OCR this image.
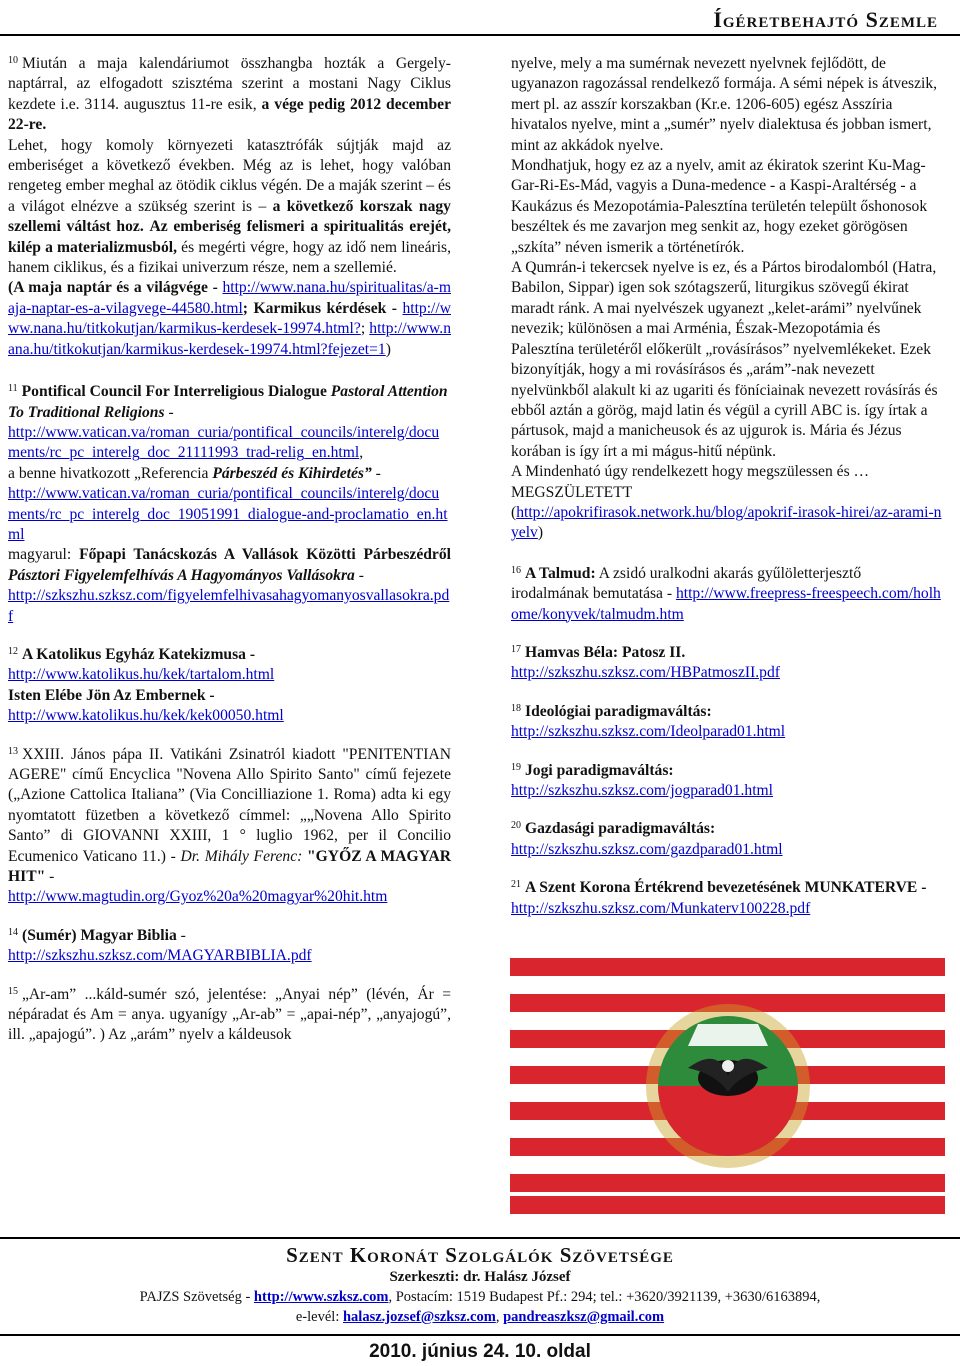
Ígéretbehajtó Szemle

$^{10}$ Miután a maja kalendáriumot összhangba hozták a Gergely-naptárral, az elfogadott szisztéma szerint a mostani Nagy Ciklus kezdete i.e. 3114. augusztus 11-re esik, a vége pedig 2012 december 22-re.

Lehet, hogy komoly környezeti katasztrófák sújtják majd az emberiséget a következő években. Még az is lehet, hogy valóban rengeteg ember meghal az ötödik ciklus végén. De a maják szerint – és a világot elnézve a szükség szerint is – a következő korszak nagy szellemi váltást hoz. Az emberiség felismeri a spiritualitás erejét, kilép a materializmusból, és megérti végre, hogy az idő nem lineáris, hanem ciklikus, és a fizikai univerzum része, nem a szellemié.

(A maja naptár és a világvége - http://www.nana.hu/spiritualitas/a-maja-naptar-es-a-vilagvege-44580.html; Karmikus kérdések - http://www.nana.hu/titkokutjan/karmikus-kerdesek-19974.html?; http://www.nana.hu/titkokutjan/karmikus-kerdesek-19974.html?fejezet=1)

$^{11}$ Pontifical Council For Interreligious Dialogue Pastoral Attention To Traditional Religions -

http://www.vatican.va/roman_curia/pontifical_councils/interelg/documents/rc_pc_interelg_doc_21111993_trad-relig_en.html,

a benne hivatkozott „Referencia Párbeszéd és Kihirdetés” -

http://www.vatican.va/roman_curia/pontifical_councils/interelg/documents/rc_pc_interelg_doc_19051991_dialogue-and-proclamatio_en.html

magyarul: Főpapi Tanácskozás A Vallások Közötti Párbeszédről Pásztori Figyelemfelhívás A Hagyományos Vallásokra -

http://szkszhu.szksz.com/figyelemfelhivasahagyomanyosvallasokra.pdf

$^{12}$ A Katolikus Egyház Katekizmusa -

http://www.katolikus.hu/kek/tartalom.html

Isten Elébe Jön Az Embernek -

http://www.katolikus.hu/kek/kek00050.html

$^{13}$ XXIII. János pápa II. Vatikáni Zsinatról kiadott "PENITENTIAN AGERE" című Encyclica "Novena Allo Spirito Santo" című fejezete („Azione Cattolica Italiana” (Via Concilliazione 1. Roma) adta ki egy nyomtatott füzetben a következő címmel: „„Novena Allo Spirito Santo” di GIOVANNI XXIII, 1 ° luglio 1962, per il Concilio Ecumenico Vaticano 11.) - Dr. Mihály Ferenc: "GYŐZ A MAGYAR HIT" -

http://www.magtudin.org/Gyoz%20a%20magyar%20hit.htm

$^{14}$ (Sumér) Magyar Biblia -

http://szkszhu.szksz.com/MAGYARBIBLIA.pdf

$^{15}$ „Ar-am” ...káld-sumér szó, jelentése: „Anyai nép” (lévén, Ár = népáradat és Am = anya. ugyanígy „Ar-ab” = „apai-nép”, „anyajogú”, ill. „apajogú”. ) Az „arám” nyelv a káldeusok

nyelve, mely a ma sumérnak nevezett nyelvnek fejlődött, de ugyanazon ragozással rendelkező formája. A sémi népek is átveszik, mert pl. az asszír korszakban (Kr.e. 1206-605) egész Asszíria hivatalos nyelve, mint a „sumér” nyelv dialektusa és jobban ismert, mint az akkádok nyelve.

Mondhatjuk, hogy ez az a nyelv, amit az ékiratok szerint Ku-Mag-Gar-Ri-Es-Mád, vagyis a Duna-medence - a Kaspi-Araltérség - a Kaukázus és Mezopotámia-Palesztína területén települt őshonosok beszéltek és me zavarjon meg senkit az, hogy ezeket görögösen „szkíta” néven ismerik a történetírók.

A Qumrán-i tekercsek nyelve is ez, és a Pártos birodalomból (Hatra, Babilon, Sippar) igen sok szótagszerű, liturgikus szövegű ékirat maradt ránk. A mai nyelvészek ugyanezt „kelet-arámi” nyelvűnek nevezik; különösen a mai Arménia, Észak-Mezopotámia és Palesztína területéről előkerült „rovásírásos” nyelvemlékeket. Ezek bizonyítják, hogy a mi rovásírásos és „arám”-nak nevezett nyelvünkből alakult ki az ugariti és föníciainak nevezett rovásírás és ebből aztán a görög, majd latin és végül a cyrill ABC is. így írtak a pártusok, majd a manicheusok és az ujgurok is. Mária és Jézus korában is így írt a mi mágus-hitű népünk.

A Mindenható úgy rendelkezett hogy megszülessen és … MEGSZÜLETETT

(http://apokrifirasok.network.hu/blog/apokrif-irasok-hirei/az-arami-nyelv)

$^{16}$ A Talmud: A zsidó uralkodni akarás gyűlöletterjesztő irodalmának bemutatása - http://www.freepress-freespeech.com/holhome/konyvek/talmudm.htm

$^{17}$ Hamvas Béla: Patosz II.

http://szkszhu.szksz.com/HBPatmoszII.pdf

$^{18}$ Ideológiai paradigmaváltás:

http://szkszhu.szksz.com/Ideolparad01.html

$^{19}$ Jogi paradigmaváltás:

http://szkszhu.szksz.com/jogparad01.html

$^{20}$ Gazdasági paradigmaváltás:

http://szkszhu.szksz.com/gazdparad01.html

$^{21}$ A Szent Korona Értékrend bevezetésének MUNKATERVE -

http://szkszhu.szksz.com/Munkaterv100228.pdf

Szent Koronát Szolgálók Szövetsége
Szerkeszti: dr. Halász József
PAJZS Szövetség - http://www.szksz.com, Postacím: 1519 Budapest Pf.: 294; tel.: +3620/3921139, +3630/6163894,
e-levél: halasz.jozsef@szksz.com, pandreaszksz@gmail.com
2010. június 24. 10. oldal
